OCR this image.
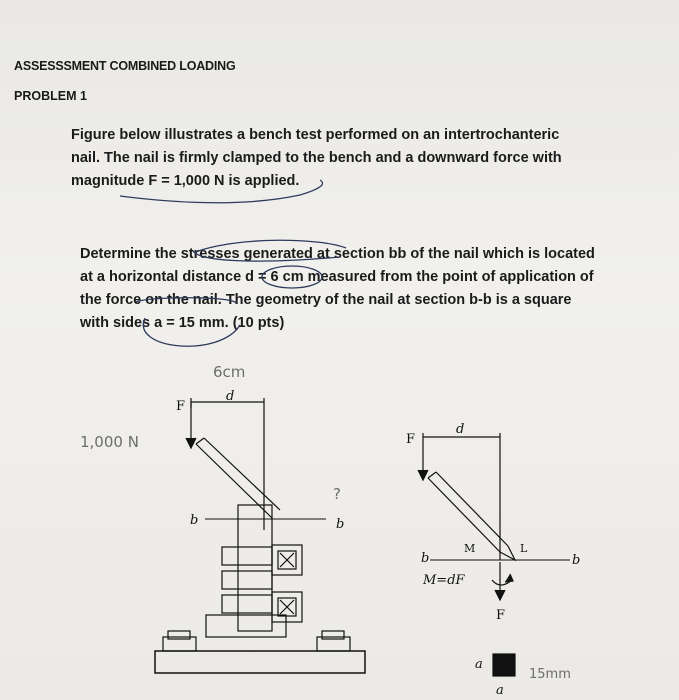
ASSESSSMENT COMBINED LOADING
PROBLEM 1
Figure below illustrates a bench test performed on an intertrochanteric
nail. The nail is firmly clamped to the bench and a downward force with
magnitude F = 1,000 N is applied.
Determine the stresses generated at section bb of the nail which is located
at a horizontal distance d = 6 cm measured from the point of application of
the force on the nail. The geometry of the nail at section b-b is a square
with sides a = 15 mm. (10 pts)
F
d
b	b
F
d
b	b
M	L
M=dF
F
a
a
1,000 N
6cm
?
15mm
